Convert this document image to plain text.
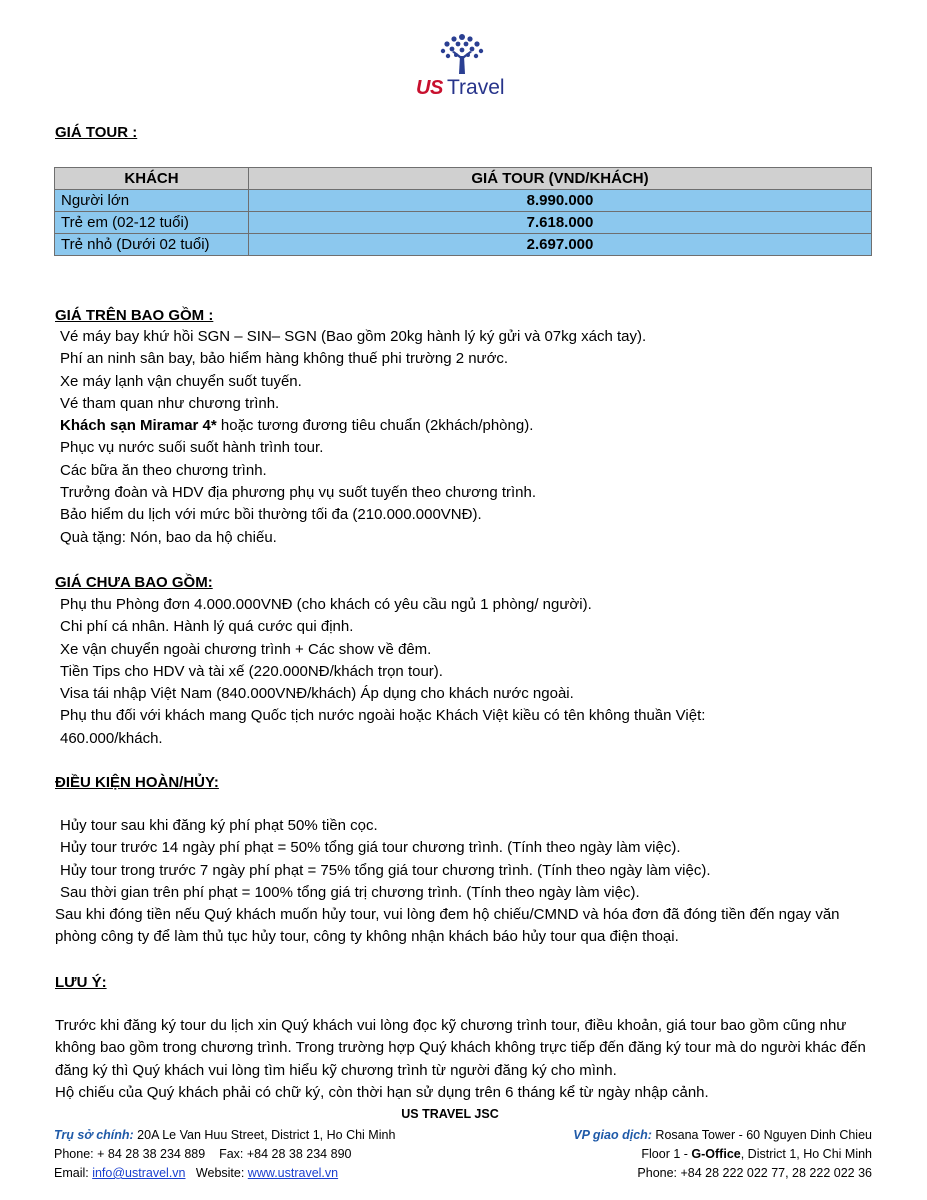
US Travel
GIÁ TOUR :
KHÁCH	GIÁ TOUR (VND/KHÁCH)
Người lớn	8.990.000
Trẻ em (02-12 tuổi)	7.618.000
Trẻ nhỏ (Dưới 02 tuổi)	2.697.000
GIÁ TRÊN BAO GỒM :
Vé máy bay khứ hồi SGN – SIN– SGN (Bao gồm 20kg hành lý ký gửi và 07kg xách tay).
Phí an ninh sân bay, bảo hiểm hàng không thuế phi trường 2 nước.
Xe máy lạnh vận chuyển suốt tuyến.
Vé tham quan như chương trình.
Khách sạn Miramar 4* hoặc tương đương tiêu chuẩn (2khách/phòng).
Phục vụ nước suối suốt hành trình tour.
Các bữa ăn theo chương trình.
Trưởng đoàn và HDV địa phương phụ vụ suốt tuyến theo chương trình.
Bảo hiểm du lịch với mức bồi thường tối đa (210.000.000VNĐ).
Quà tặng: Nón, bao da hộ chiếu.
GIÁ CHƯA BAO GỒM:
Phụ thu Phòng đơn 4.000.000VNĐ (cho khách có yêu cầu ngủ 1 phòng/ người).
Chi phí cá nhân. Hành lý quá cước qui định.
Xe vận chuyển ngoài chương trình + Các show về đêm.
Tiền Tips cho HDV và tài xế (220.000NĐ/khách trọn tour).
Visa tái nhập Việt Nam (840.000VNĐ/khách) Áp dụng cho khách nước ngoài.
Phụ thu đối với khách mang Quốc tịch nước ngoài hoặc Khách Việt kiều có tên không thuần Việt:
460.000/khách.
ĐIỀU KIỆN HOÀN/HỦY:
Hủy tour sau khi đăng ký phí phạt 50% tiền cọc.
Hủy tour trước 14 ngày phí phạt = 50% tổng giá tour chương trình. (Tính theo ngày làm việc).
Hủy tour trong trước 7 ngày phí phạt = 75% tổng giá tour chương trình. (Tính theo ngày làm việc).
Sau thời gian trên phí phạt = 100% tổng giá trị chương trình. (Tính theo ngày làm việc).

Sau khi đóng tiền nếu Quý khách muốn hủy tour, vui lòng đem hộ chiếu/CMND và hóa đơn đã đóng tiền đến ngay văn phòng công ty để làm thủ tục hủy tour, công ty không nhận khách báo hủy tour qua điện thoại.

LƯU Ý:

Trước khi đăng ký tour du lịch xin Quý khách vui lòng đọc kỹ chương trình tour, điều khoản, giá tour bao gồm cũng như không bao gồm trong chương trình. Trong trường hợp Quý khách không trực tiếp đến đăng ký tour mà do người khác đến đăng ký thì Quý khách vui lòng tìm hiểu kỹ chương trình từ người đăng ký cho mình.

Hộ chiếu của Quý khách phải có chữ ký, còn thời hạn sử dụng trên 6 tháng kể từ ngày nhập cảnh.

US TRAVEL JSC
Trụ sở chính: 20A Le Van Huu Street, District 1, Ho Chi Minh	VP giao dịch: Rosana Tower - 60 Nguyen Dinh Chieu
Phone: + 84 28 38 234 889    Fax: +84 28 38 234 890	Floor 1 - G-Office, District 1, Ho Chi Minh
Email: info@ustravel.vn   Website: www.ustravel.vn	Phone: +84 28 222 022 77, 28 222 022 36
